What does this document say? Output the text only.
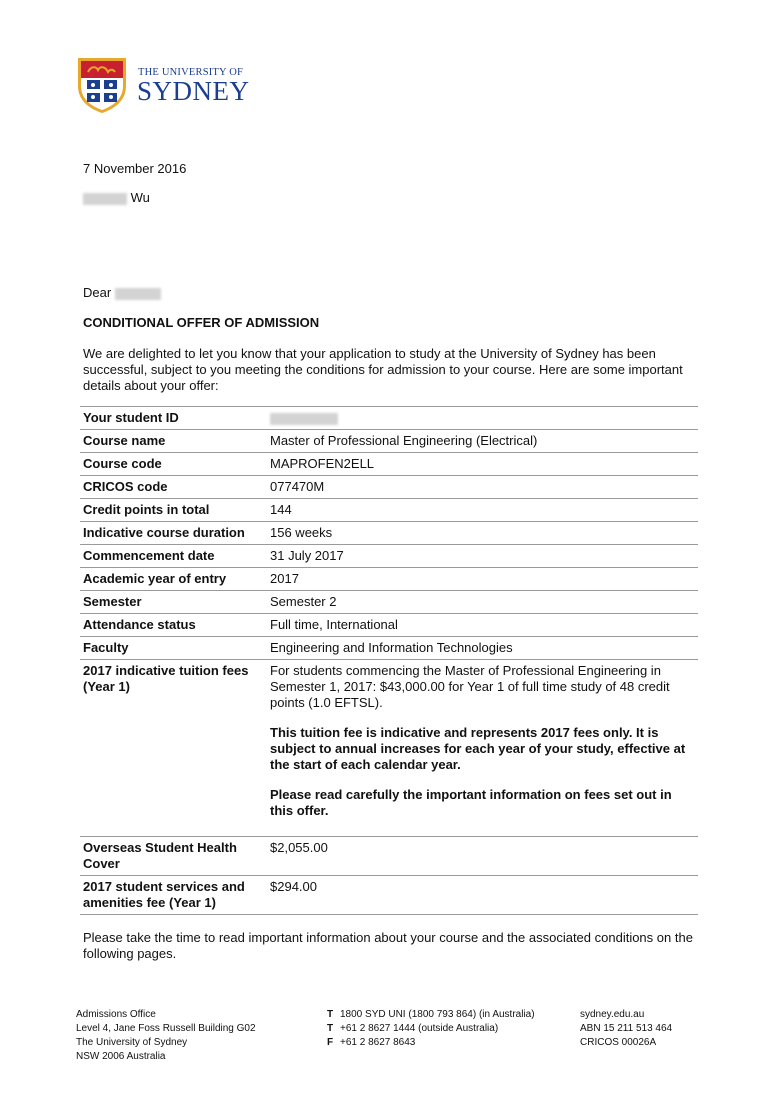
THE UNIVERSITY OF
SYDNEY
7 November 2016
Wu
Dear
CONDITIONAL OFFER OF ADMISSION
We are delighted to let you know that your application to study at the University of Sydney has been successful, subject to you meeting the conditions for admission to your course. Here are some important details about your offer:
Your student ID	
Course name	Master of Professional Engineering (Electrical)
Course code	MAPROFEN2ELL
CRICOS code	077470M
Credit points in total	144
Indicative course duration	156 weeks
Commencement date	31 July 2017
Academic year of entry	2017
Semester	Semester 2
Attendance status	Full time, International
Faculty	Engineering and Information Technologies
2017 indicative tuition fees (Year 1)	For students commencing the Master of Professional Engineering in Semester 1, 2017: $43,000.00 for Year 1 of full time study of 48 credit points (1.0 EFTSL).
This tuition fee is indicative and represents 2017 fees only. It is subject to annual increases for each year of your study, effective at the start of each calendar year.
Please read carefully the important information on fees set out in this offer.

Overseas Student Health Cover	$2,055.00
2017 student services and amenities fee (Year 1)	$294.00
Please take the time to read important information about your course and the associated conditions on the following pages.
Admissions Office
Level 4, Jane Foss Russell Building G02
The University of Sydney
NSW 2006 Australia
T 1800 SYD UNI (1800 793 864) (in Australia)
T +61 2 8627 1444 (outside Australia)
F +61 2 8627 8643
sydney.edu.au
ABN 15 211 513 464
CRICOS 00026A
